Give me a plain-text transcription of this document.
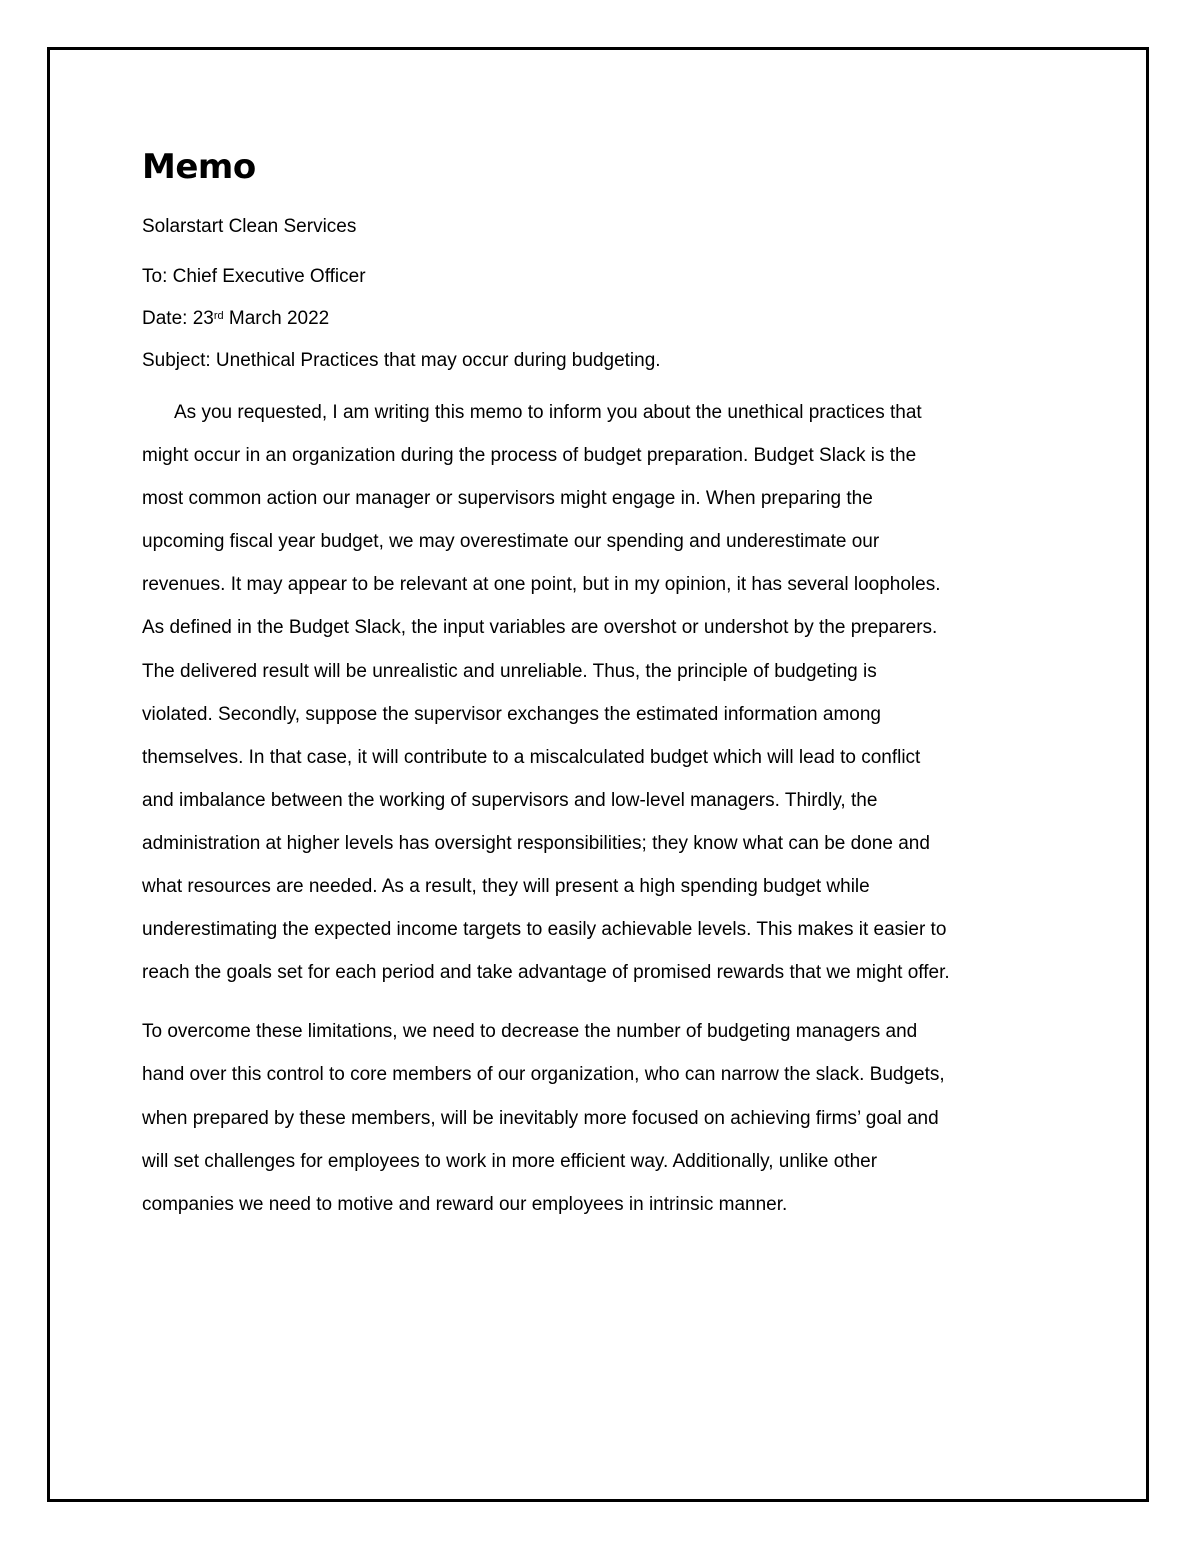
Memo

Solarstart Clean Services

To: Chief Executive Officer

Date: 23rd March 2022

Subject: Unethical Practices that may occur during budgeting.

As you requested, I am writing this memo to inform you about the unethical practices that
might occur in an organization during the process of budget preparation. Budget Slack is the
most common action our manager or supervisors might engage in. When preparing the
upcoming fiscal year budget, we may overestimate our spending and underestimate our
revenues. It may appear to be relevant at one point, but in my opinion, it has several loopholes.
As defined in the Budget Slack, the input variables are overshot or undershot by the preparers.
The delivered result will be unrealistic and unreliable. Thus, the principle of budgeting is
violated. Secondly, suppose the supervisor exchanges the estimated information among
themselves. In that case, it will contribute to a miscalculated budget which will lead to conflict
and imbalance between the working of supervisors and low-level managers. Thirdly, the
administration at higher levels has oversight responsibilities; they know what can be done and
what resources are needed. As a result, they will present a high spending budget while
underestimating the expected income targets to easily achievable levels. This makes it easier to
reach the goals set for each period and take advantage of promised rewards that we might offer.
To overcome these limitations, we need to decrease the number of budgeting managers and
hand over this control to core members of our organization, who can narrow the slack. Budgets,
when prepared by these members, will be inevitably more focused on achieving firms’ goal and
will set challenges for employees to work in more efficient way. Additionally, unlike other
companies we need to motive and reward our employees in intrinsic manner.
